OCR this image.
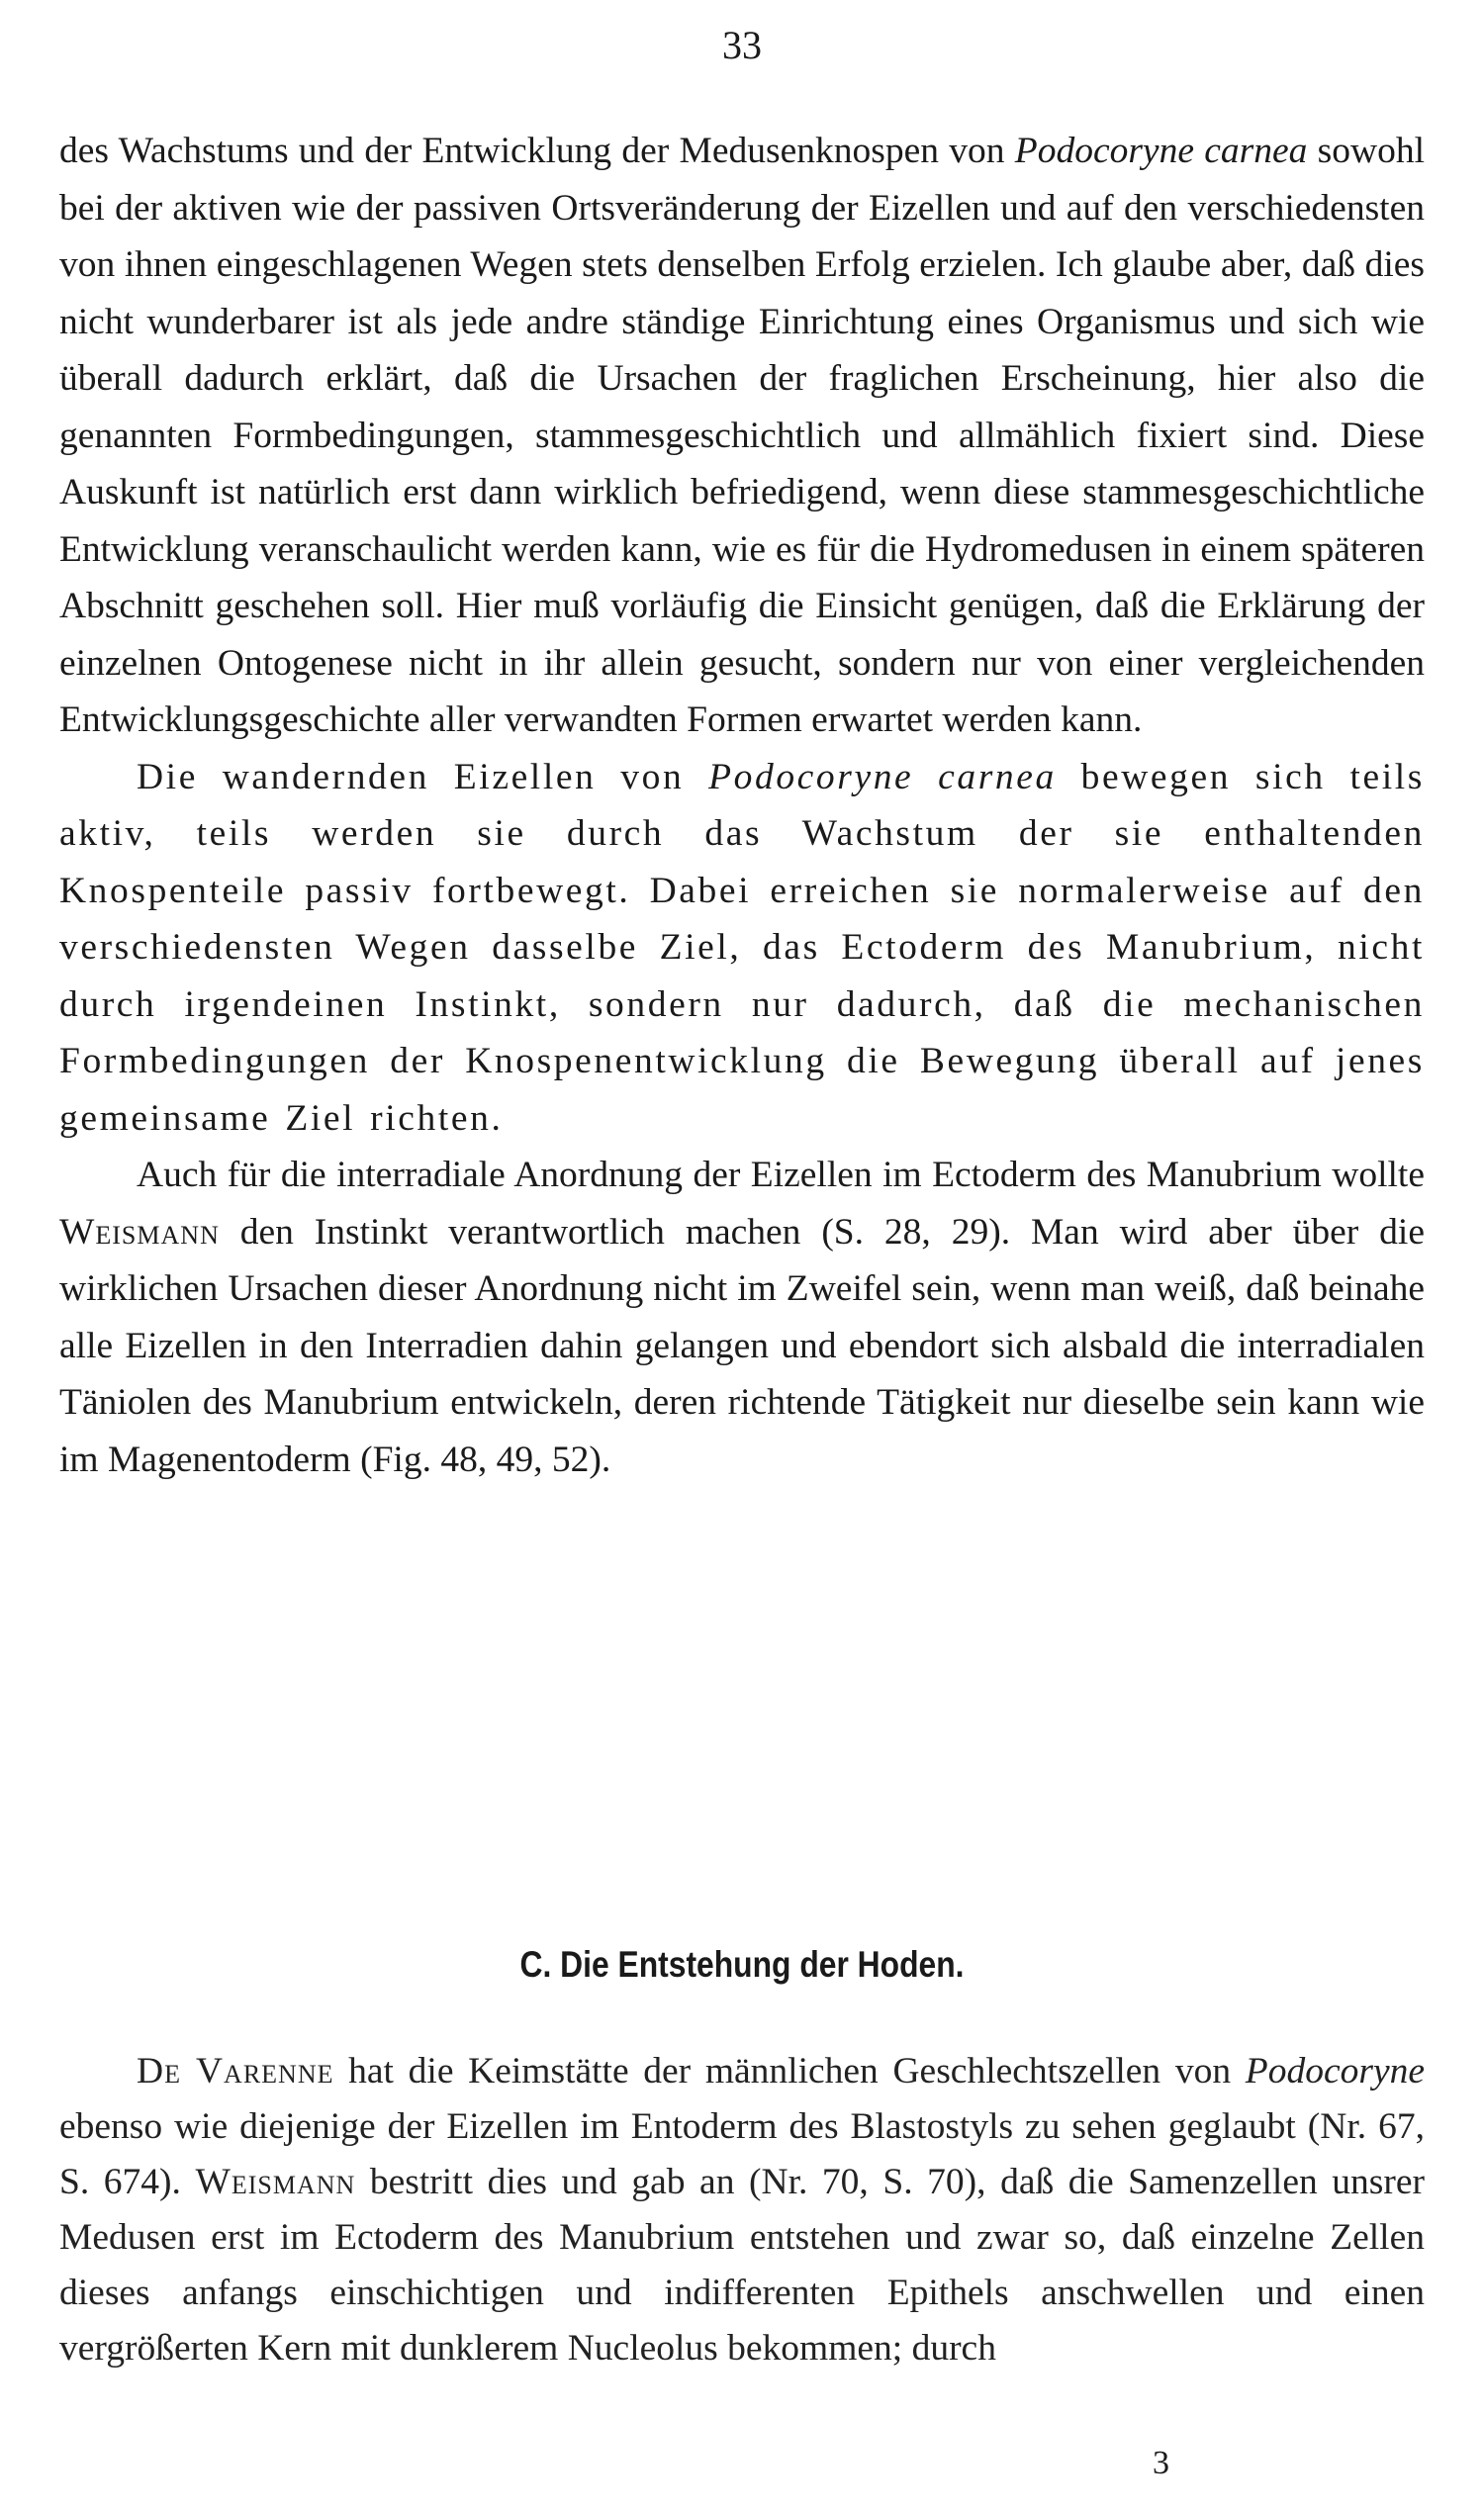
33

des Wachstums und der Entwicklung der Medusenknospen von Podocoryne carnea sowohl bei der aktiven wie der passiven Ortsveränderung der Eizellen und auf den verschiedensten von ihnen eingeschlagenen Wegen stets denselben Erfolg erzielen. Ich glaube aber, daß dies nicht wunderbarer ist als jede andre ständige Einrichtung eines Organismus und sich wie überall dadurch erklärt, daß die Ursachen der fraglichen Erscheinung, hier also die genannten Formbedingungen, stammesgeschichtlich und allmählich fixiert sind. Diese Auskunft ist natürlich erst dann wirklich befriedigend, wenn diese stammesgeschichtliche Entwicklung veranschaulicht werden kann, wie es für die Hydromedusen in einem späteren Abschnitt geschehen soll. Hier muß vorläufig die Einsicht genügen, daß die Erklärung der einzelnen Ontogenese nicht in ihr allein gesucht, sondern nur von einer vergleichenden Entwicklungsgeschichte aller verwandten Formen erwartet werden kann.

Die wandernden Eizellen von Podocoryne carnea bewegen sich teils aktiv, teils werden sie durch das Wachstum der sie enthaltenden Knospenteile passiv fortbewegt. Dabei erreichen sie normalerweise auf den verschiedensten Wegen dasselbe Ziel, das Ectoderm des Manubrium, nicht durch irgendeinen Instinkt, sondern nur dadurch, daß die mechanischen Formbedingungen der Knospenentwicklung die Bewegung überall auf jenes gemeinsame Ziel richten.

Auch für die interradiale Anordnung der Eizellen im Ectoderm des Manubrium wollte Weismann den Instinkt verantwortlich machen (S. 28, 29). Man wird aber über die wirklichen Ursachen dieser Anordnung nicht im Zweifel sein, wenn man weiß, daß beinahe alle Eizellen in den Interradien dahin gelangen und ebendort sich alsbald die interradialen Täniolen des Manubrium entwickeln, deren richtende Tätigkeit nur dieselbe sein kann wie im Magenentoderm (Fig. 48, 49, 52).

C. Die Entstehung der Hoden.

De Varenne hat die Keimstätte der männlichen Geschlechtszellen von Podocoryne ebenso wie diejenige der Eizellen im Entoderm des Blastostyls zu sehen geglaubt (Nr. 67, S. 674). Weismann bestritt dies und gab an (Nr. 70, S. 70), daß die Samenzellen unsrer Medusen erst im Ectoderm des Manubrium entstehen und zwar so, daß einzelne Zellen dieses anfangs einschichtigen und indifferenten Epithels anschwellen und einen vergrößerten Kern mit dunklerem Nucleolus bekommen; durch

3
